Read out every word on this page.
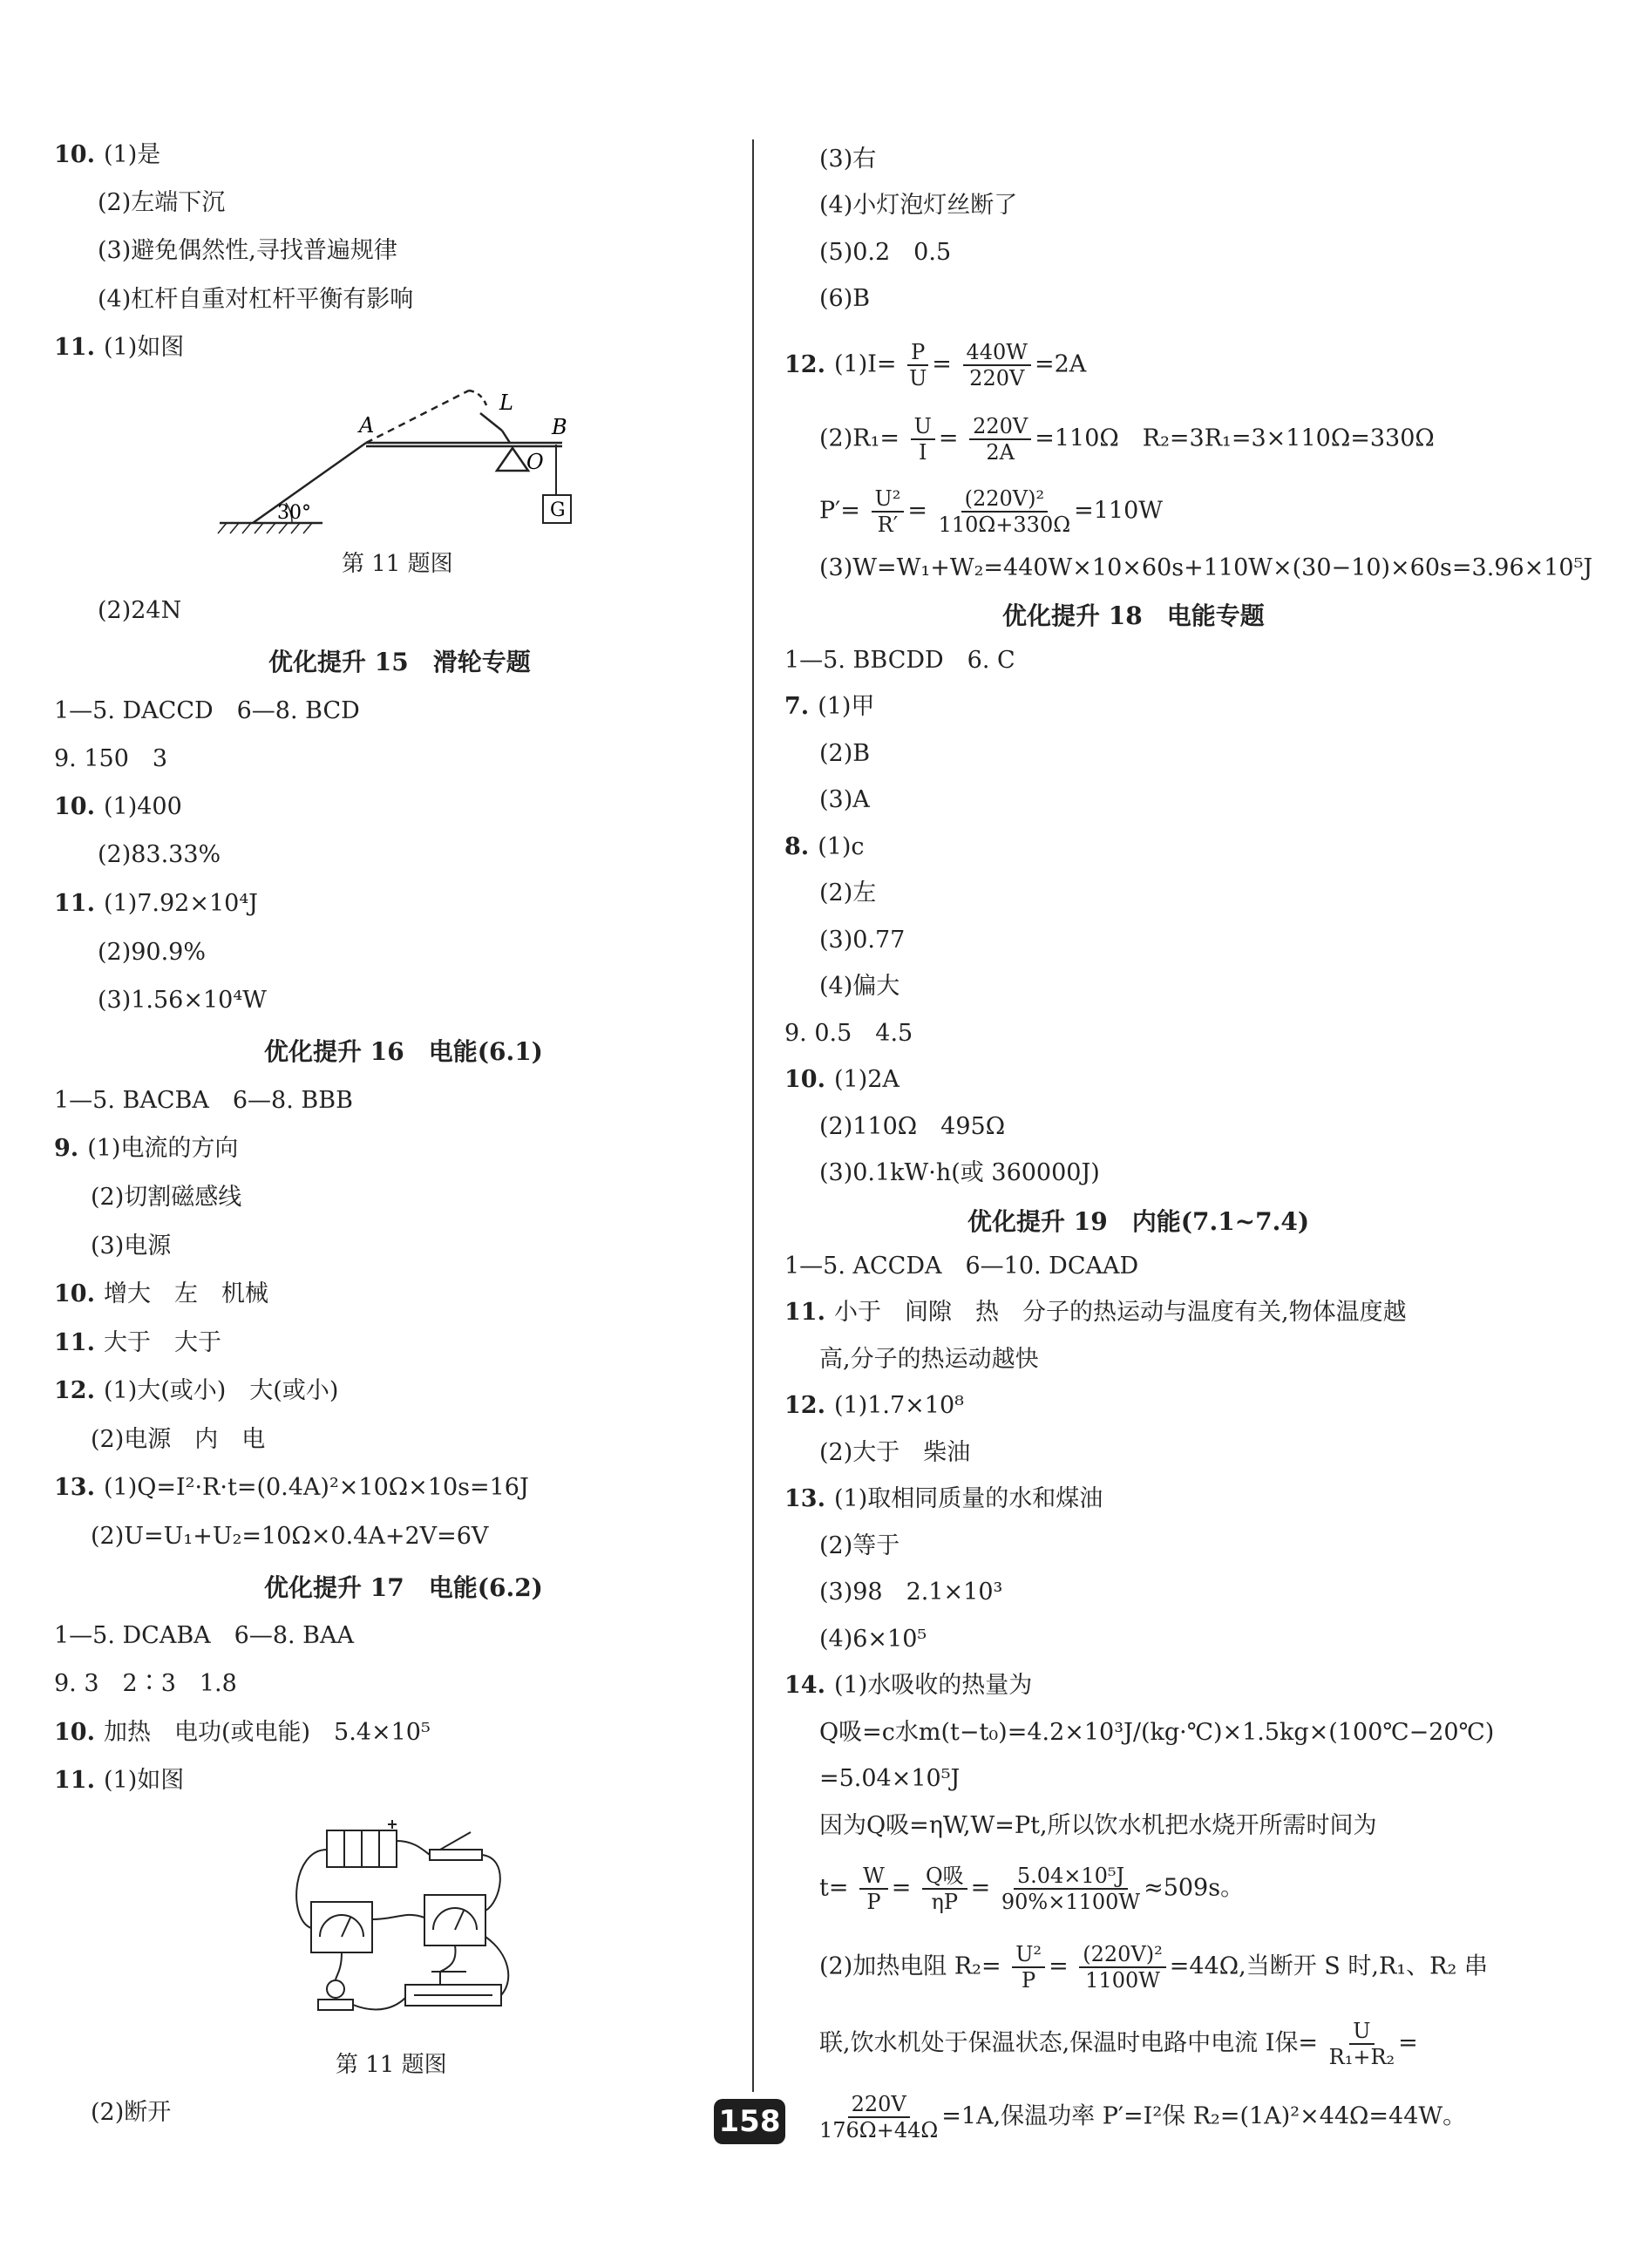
10. (1)是
(2)左端下沉
(3)避免偶然性,寻找普遍规律
(4)杠杆自重对杠杆平衡有影响
11. (1)如图
A
L
B
O
G
30°
第 11 题图
(2)24N
优化提升 15　滑轮专题
1—5. DACCD　6—8. BCD
9. 150　3
10. (1)400
(2)83.33%
11. (1)7.92×10⁴J
(2)90.9%
(3)1.56×10⁴W
优化提升 16　电能(6.1)
1—5. BACBA　6—8. BBB
9. (1)电流的方向
(2)切割磁感线
(3)电源
10. 增大　左　机械
11. 大于　大于
12. (1)大(或小)　大(或小)
(2)电源　内　电
13. (1)Q=I²·R·t=(0.4A)²×10Ω×10s=16J
(2)U=U₁+U₂=10Ω×0.4A+2V=6V
优化提升 17　电能(6.2)
1—5. DCABA　6—8. BAA
9. 3　2∶3　1.8
10. 加热　电功(或电能)　5.4×10⁵
11. (1)如图
第 11 题图
(2)断开
(3)右
(4)小灯泡灯丝断了
(5)0.2　0.5
(6)B
12. $(1)I= \frac{P}{U} = \frac{440W}{220V} =2A$
$(2)R_1= \frac{U}{I} = \frac{220V}{2A} =110\Omega$　R₂=3R₁=3×110Ω=330Ω
$P'= \frac{\text{U²}}{R'} = \frac{\text{(220V)²}}{110\Omega+330\Omega} =110W$
(3)W=W₁+W₂=440W×10×60s+110W×(30−10)×60s=3.96×10⁵J
优化提升 18　电能专题
1—5. BBCDD　6. C
7. (1)甲
(2)B
(3)A
8. (1)c
(2)左
(3)0.77
(4)偏大
9. 0.5　4.5
10. (1)2A
(2)110Ω　495Ω
(3)0.1kW·h(或 360000J)
优化提升 19　内能(7.1~7.4)
1—5. ACCDA　6—10. DCAAD
11. 小于　间隙　热　分子的热运动与温度有关,物体温度越
高,分子的热运动越快
12. (1)1.7×10⁸
(2)大于　柴油
13. (1)取相同质量的水和煤油
(2)等于
(3)98　2.1×10³
(4)6×10⁵
14. (1)水吸收的热量为
Q吸=c水m(t−t₀)=4.2×10³J/(kg·℃)×1.5kg×(100℃−20℃)
=5.04×10⁵J
因为Q吸=ηW,W=Pt,所以饮水机把水烧开所需时间为
$t= \frac{W}{P} = \frac{\text{Q吸}}{\eta P} = \frac{\text{5.04×10⁵J}}{90\%\times 1100W} \approx 509s$。
(2)加热电阻 $R_2= \frac{\text{U²}}{P} = \frac{\text{(220V)²}}{1100W} =44\Omega$,当断开 S 时,R₁、R₂ 串
联,饮水机处于保温状态,保温时电路中电流 I保= $\frac{U}{\text{R₁+R₂}}$ =
$\frac{220V}{176\Omega+44\Omega} =1A$,保温功率 P′=I²保 R₂=(1A)²×44Ω=44W。
158
